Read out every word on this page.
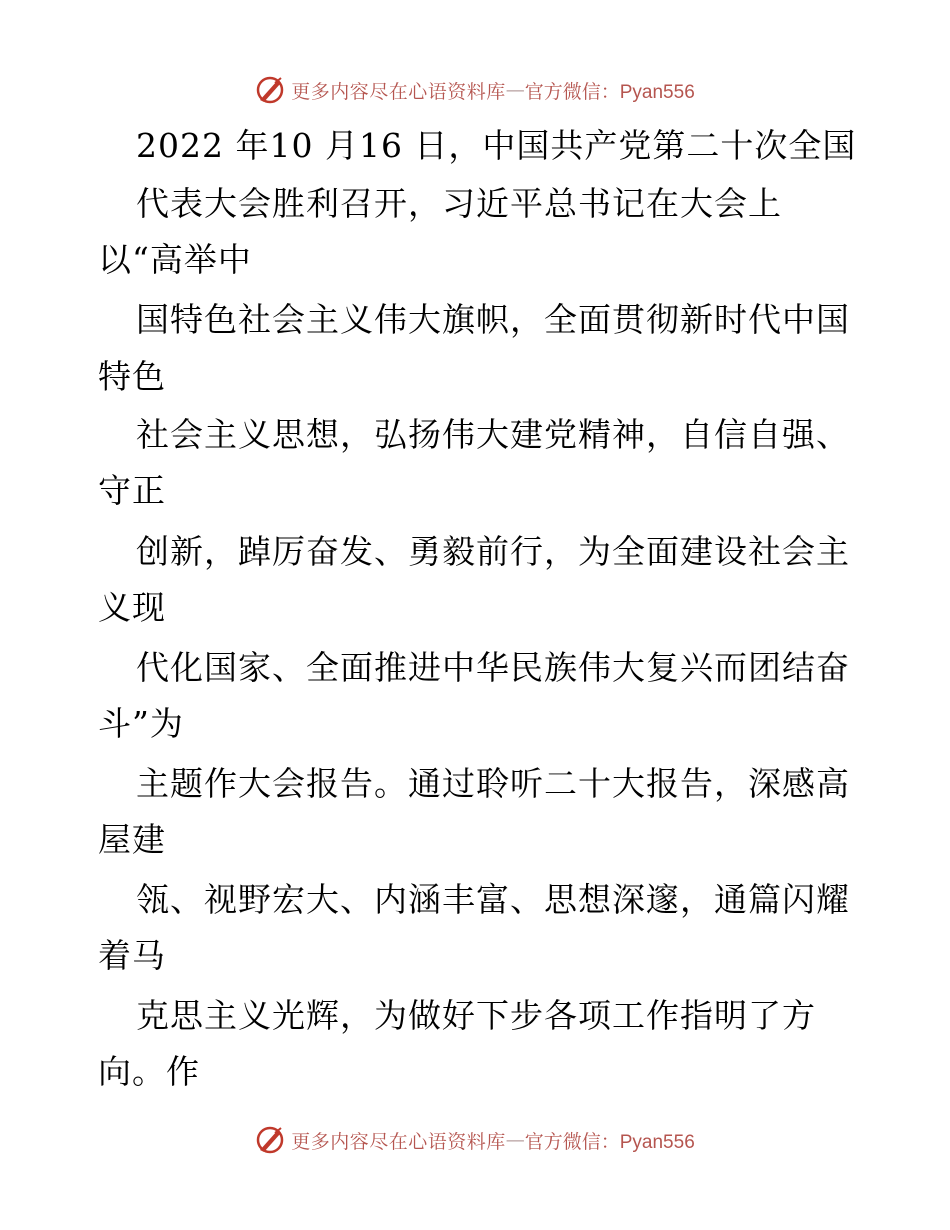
更多内容尽在心语资料库 — 官方微信：Pyan556
2022 年10 月16 日，中国共产党第二十次全国
代表大会胜利召开，习近平总书记在大会上
以“高举中
国特色社会主义伟大旗帜，全面贯彻新时代中国
特色
社会主义思想，弘扬伟大建党精神，自信自强、
守正
创新，踔厉奋发、勇毅前行，为全面建设社会主
义现
代化国家、全面推进中华民族伟大复兴而团结奋
斗”为
主题作大会报告。通过聆听二十大报告，深感高
屋建
瓴、视野宏大、内涵丰富、思想深邃，通篇闪耀
着马
克思主义光辉，为做好下步各项工作指明了方
向。作
更多内容尽在心语资料库 — 官方微信：Pyan556
